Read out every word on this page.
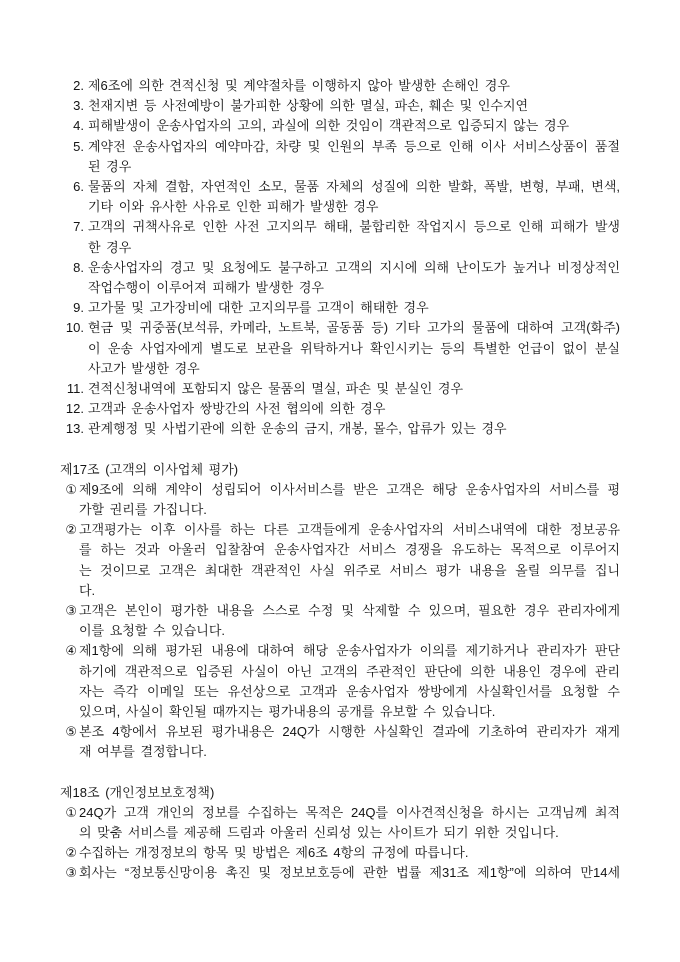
2. 제6조에 의한 견적신청 및 계약절차를 이행하지 않아 발생한 손해인 경우
3. 천재지변 등 사전예방이 불가피한 상황에 의한 멸실, 파손, 훼손 및 인수지연
4. 피해발생이 운송사업자의 고의, 과실에 의한 것임이 객관적으로 입증되지 않는 경우
5. 계약전 운송사업자의 예약마감, 차량 및 인원의 부족 등으로 인해 이사 서비스상품이 품절
된 경우
6. 물품의 자체 결함, 자연적인 소모, 물품 자체의 성질에 의한 발화, 폭발, 변형, 부패, 변색,
기타 이와 유사한 사유로 인한 피해가 발생한 경우
7. 고객의 귀책사유로 인한 사전 고지의무 해태, 불합리한 작업지시 등으로 인해 피해가 발생
한 경우
8. 운송사업자의 경고 및 요청에도 불구하고 고객의 지시에 의해 난이도가 높거나 비정상적인
작업수행이 이루어져 피해가 발생한 경우
9. 고가물 및 고가장비에 대한 고지의무를 고객이 해태한 경우
10. 현금 및 귀중품(보석류, 카메라, 노트북, 골동품 등) 기타 고가의 물품에 대하여 고객(화주)
이 운송 사업자에게 별도로 보관을 위탁하거나 확인시키는 등의 특별한 언급이 없이 분실
사고가 발생한 경우
11. 견적신청내역에 포함되지 않은 물품의 멸실, 파손 및 분실인 경우
12. 고객과 운송사업자 쌍방간의 사전 협의에 의한 경우
13. 관계행정 및 사법기관에 의한 운송의 금지, 개봉, 몰수, 압류가 있는 경우
제17조 (고객의 이사업체 평가)
① 제9조에 의해 계약이 성립되어 이사서비스를 받은 고객은 해당 운송사업자의 서비스를 평
가할 권리를 가집니다.
② 고객평가는 이후 이사를 하는 다른 고객들에게 운송사업자의 서비스내역에 대한 정보공유
를 하는 것과 아울러 입찰참여 운송사업자간 서비스 경쟁을 유도하는 목적으로 이루어지
는 것이므로 고객은 최대한 객관적인 사실 위주로 서비스 평가 내용을 올릴 의무를 집니
다.
③ 고객은 본인이 평가한 내용을 스스로 수정 및 삭제할 수 있으며, 필요한 경우 관리자에게
이를 요청할 수 있습니다.
④ 제1항에 의해 평가된 내용에 대하여 해당 운송사업자가 이의를 제기하거나 관리자가 판단
하기에 객관적으로 입증된 사실이 아닌 고객의 주관적인 판단에 의한 내용인 경우에 관리
자는 즉각 이메일 또는 유선상으로 고객과 운송사업자 쌍방에게 사실확인서를 요청할 수
있으며, 사실이 확인될 때까지는 평가내용의 공개를 유보할 수 있습니다.
⑤ 본조 4항에서 유보된 평가내용은 24Q가 시행한 사실확인 결과에 기초하여 관리자가 재게
재 여부를 결정합니다.
제18조 (개인정보보호정책)
① 24Q가 고객 개인의 정보를 수집하는 목적은 24Q를 이사견적신청을 하시는 고객님께 최적
의 맞춤 서비스를 제공해 드림과 아울러 신뢰성 있는 사이트가 되기 위한 것입니다.
② 수집하는 개정정보의 항목 및 방법은 제6조 4항의 규정에 따릅니다.
③ 회사는 “정보통신망이용 촉진 및 정보보호등에 관한 법률 제31조 제1항”에 의하여 만14세
